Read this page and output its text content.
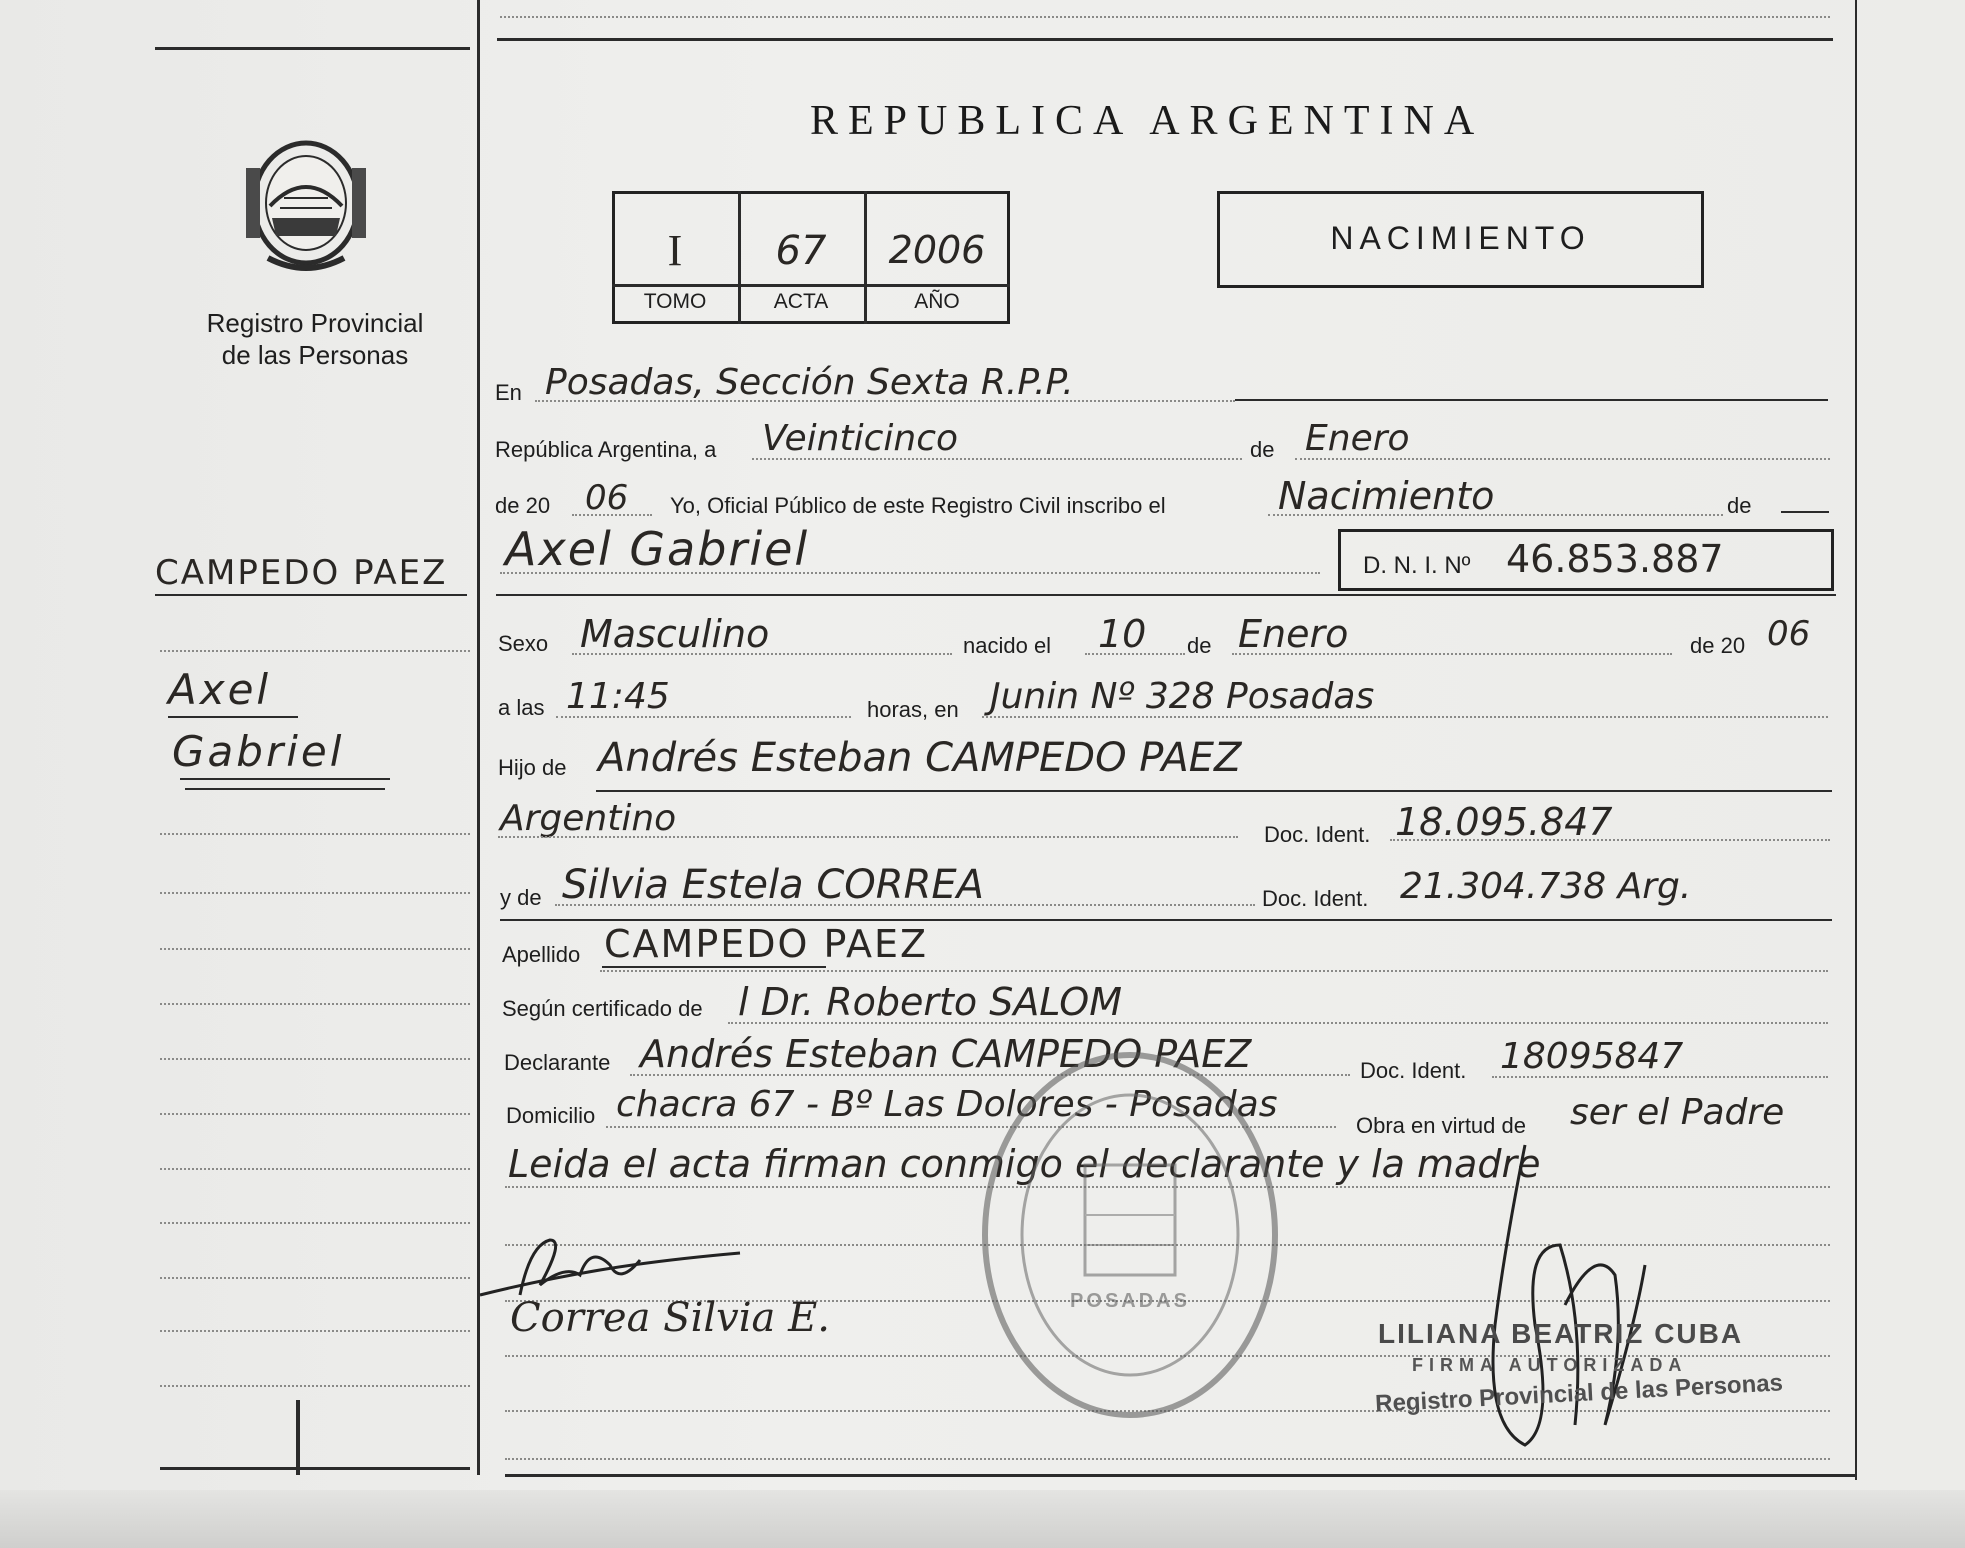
Registro Provincial
de las Personas
CAMPEDO PAEZ
Axel
Gabriel
REPUBLICA ARGENTINA
I	67	2006
TOMO	ACTA	AÑO
NACIMIENTO
En Posadas, Sección Sexta R.P.P.
República Argentina, a Veinticinco	de Enero
de 20 06 Yo, Oficial Público de este Registro Civil inscribo el	Nacimiento	de
Axel Gabriel	D. N. I. Nº 46.853.887
Sexo Masculino	nacido el 10 de Enero	de 20 06
a las 11:45	horas, en Junin Nº 328 Posadas
Hijo de Andrés Esteban CAMPEDO PAEZ
Argentino	Doc. Ident. 18.095.847
y de Silvia Estela CORREA	Doc. Ident. 21.304.738 Arg.
Apellido CAMPEDO PAEZ
Según certificado de l Dr. Roberto SALOM
Declarante Andrés Esteban CAMPEDO PAEZ	Doc. Ident. 18095847
Domicilio chacra 67 - Bº Las Dolores - Posadas
Obra en virtud de ser el Padre
Leida el acta firman conmigo el declarante y la madre
Correa Silvia E.	POSADAS
LILIANA BEATRIZ CUBA
FIRMA AUTORIZADA
Registro Provincial de las Personas
